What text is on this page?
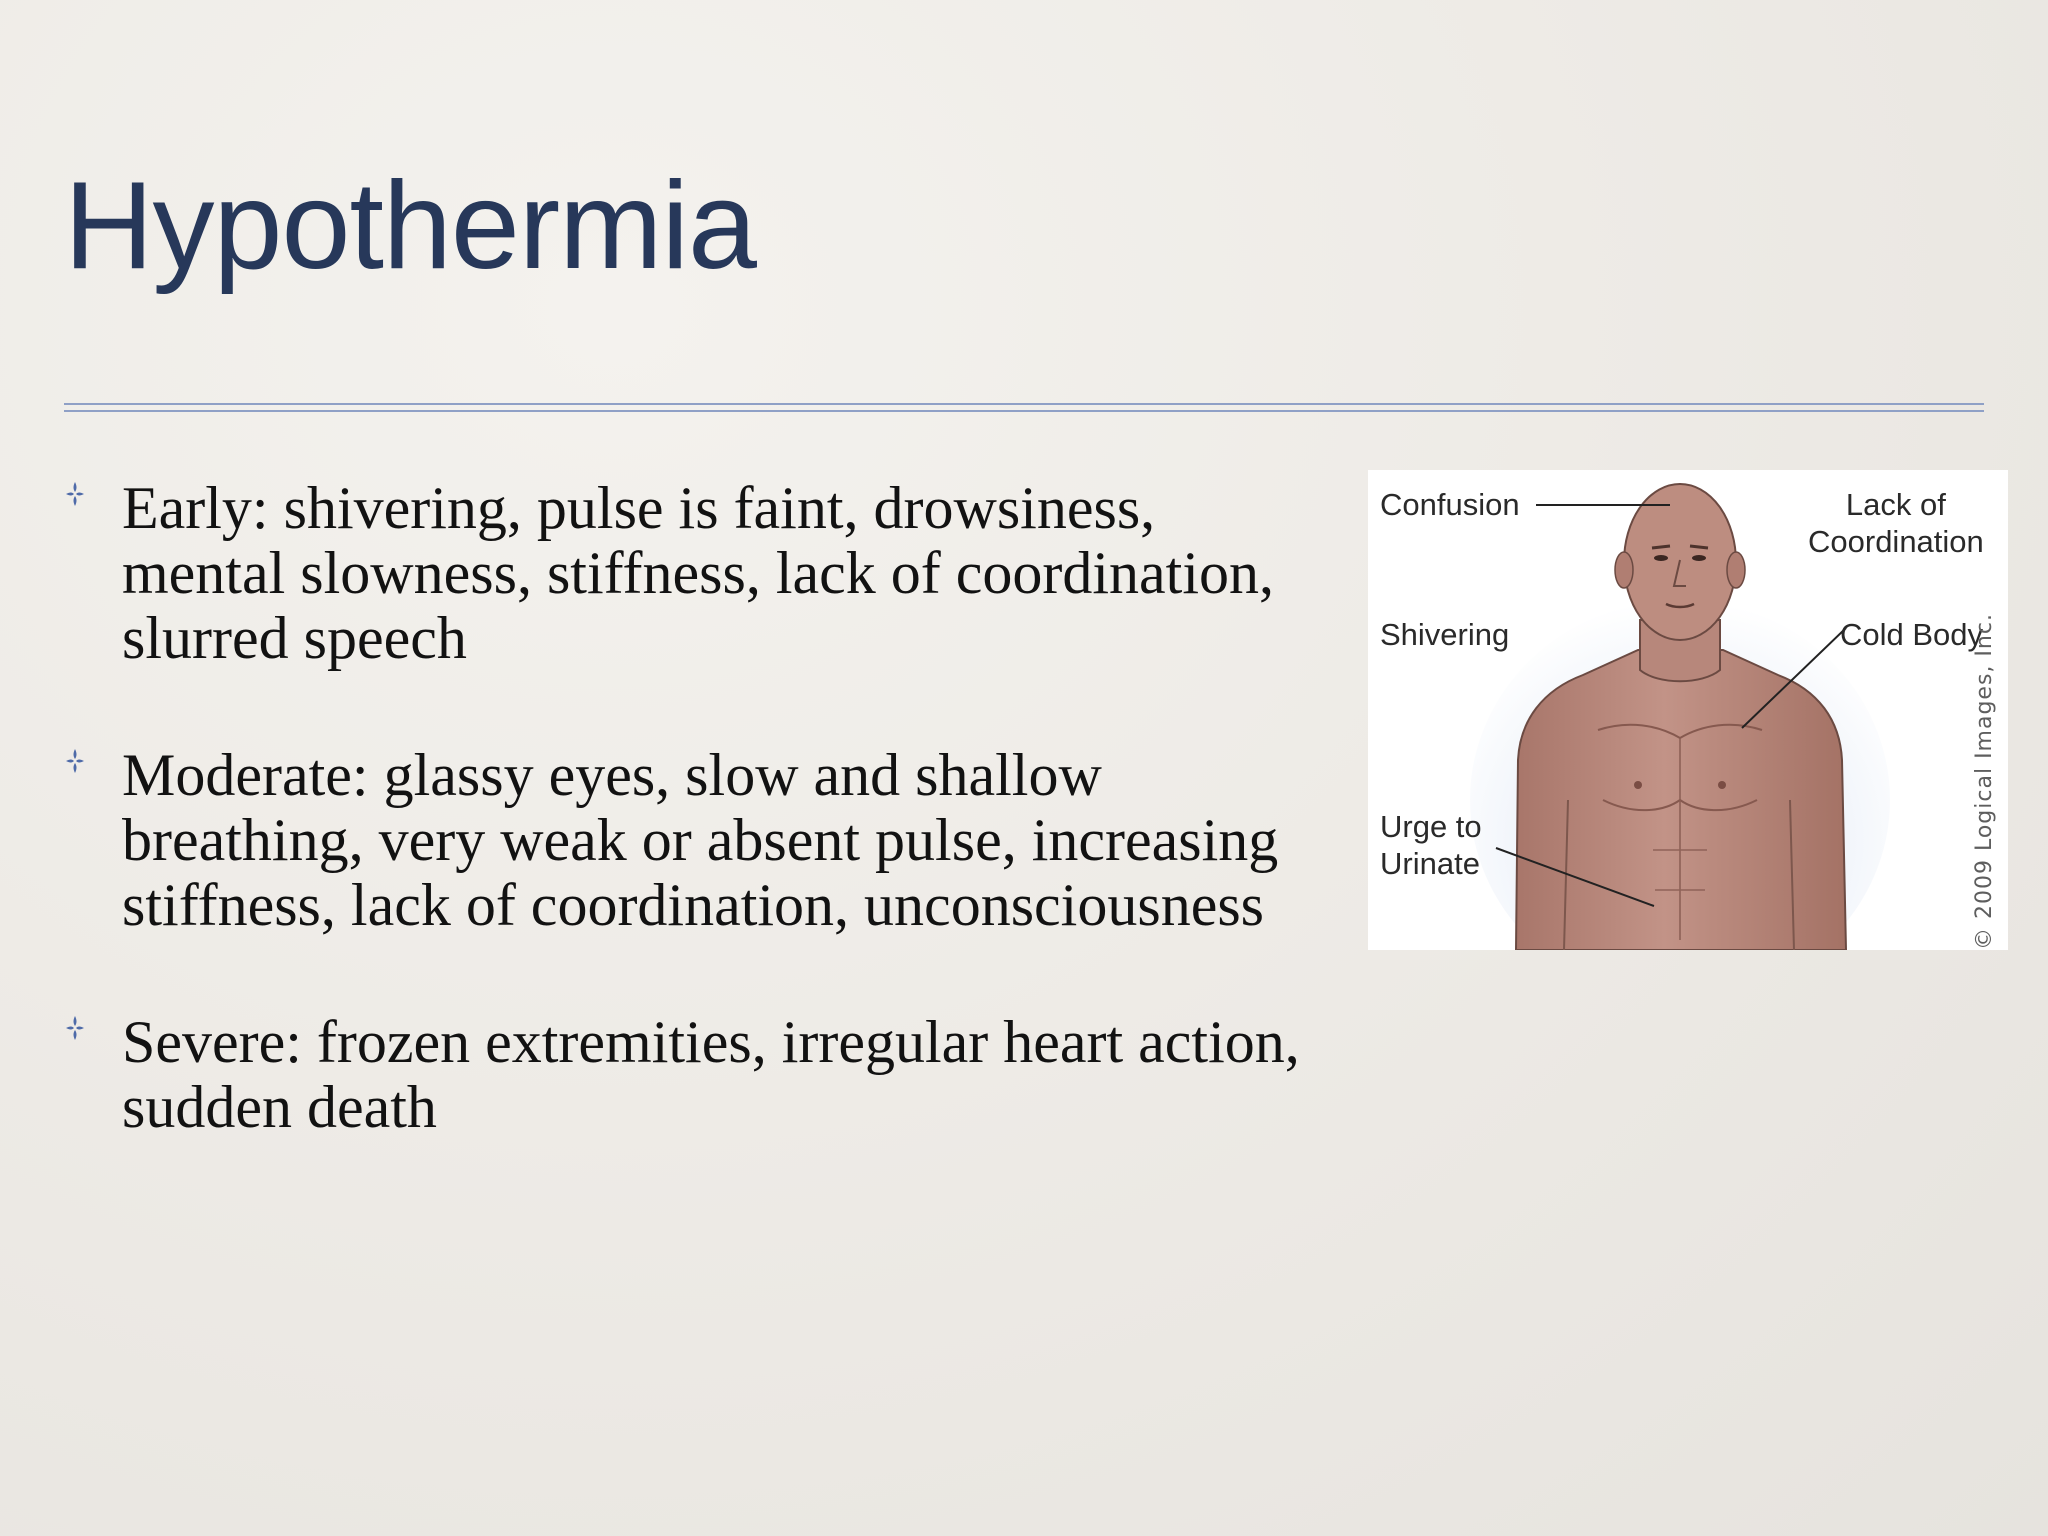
Hypothermia
Early: shivering, pulse is faint, drowsiness, mental slowness, stiffness, lack of coordination, slurred speech
Moderate: glassy eyes, slow and shallow breathing, very weak or absent pulse, increasing stiffness, lack of coordination, unconsciousness
Severe: frozen extremities, irregular heart action, sudden death
Confusion	Lack of
Coordination
Shivering	Cold Body
Urge to
Urinate	© 2009 Logical Images, Inc.
